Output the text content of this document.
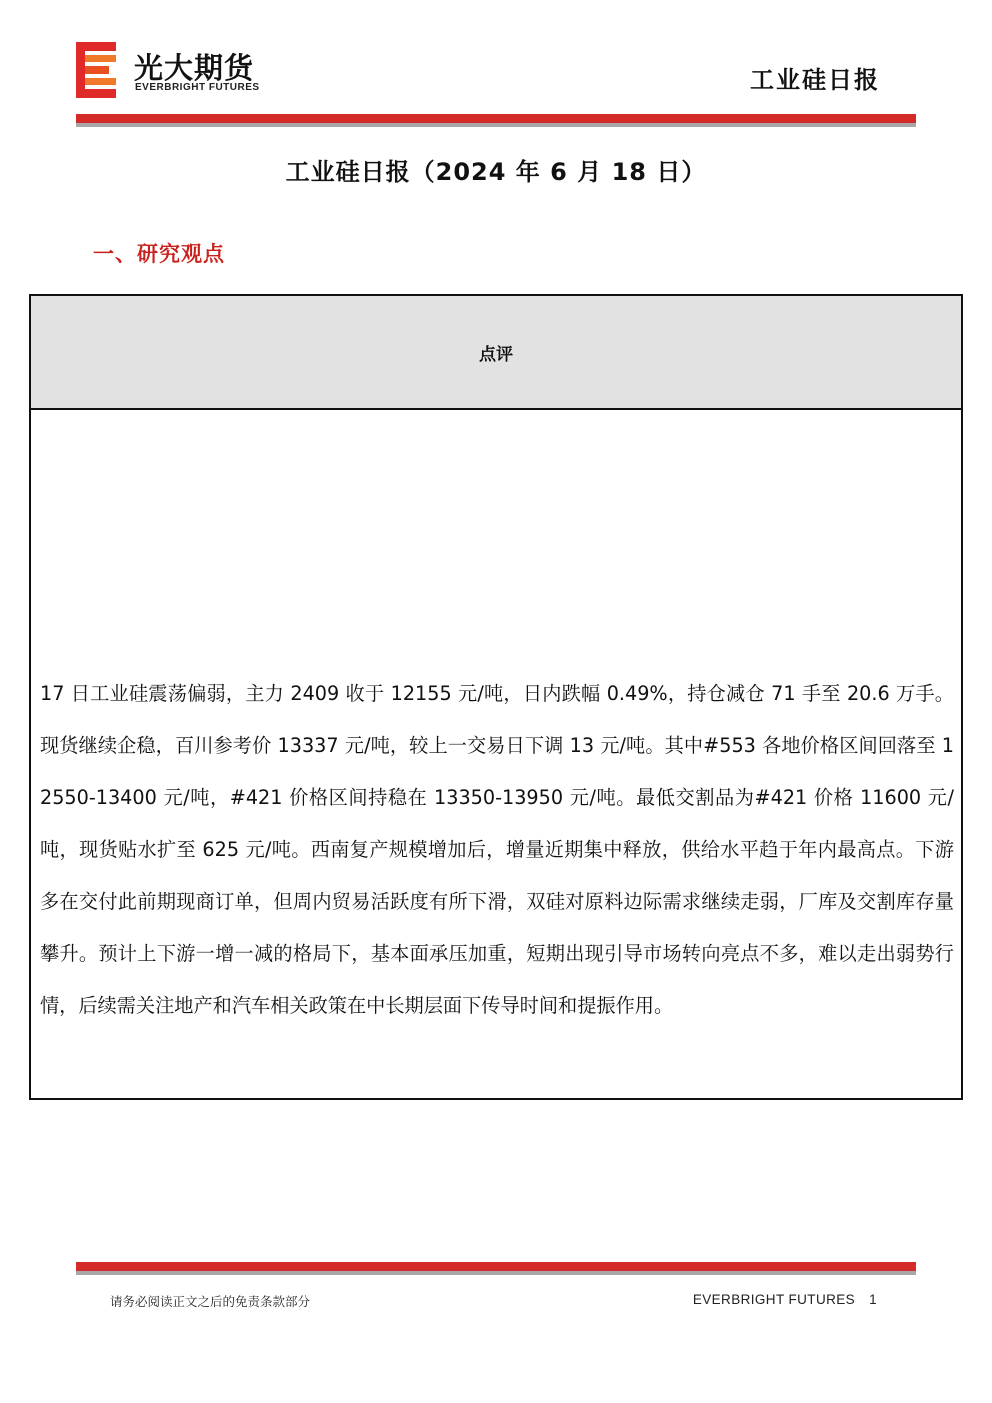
光大期货
EVERBRIGHT FUTURES	工业硅日报
工业硅日报（2024 年 6 月 18 日）
一、研究观点
点评
17 日工业硅震荡偏弱，主力 2409 收于 12155 元/吨，日内跌幅 0.49%，持仓减仓 71 手至 20.6 万手。现货继续企稳，百川参考价 13337 元/吨，较上一交易日下调 13 元/吨。其中#553 各地价格区间回落至 12550-13400 元/吨，#421 价格区间持稳在 13350-13950 元/吨。最低交割品为#421 价格 11600 元/吨，现货贴水扩至 625 元/吨。西南复产规模增加后，增量近期集中释放，供给水平趋于年内最高点。下游多在交付此前期现商订单，但周内贸易活跃度有所下滑，双硅对原料边际需求继续走弱，厂库及交割库存量攀升。预计上下游一增一减的格局下，基本面承压加重，短期出现引导市场转向亮点不多，难以走出弱势行情，后续需关注地产和汽车相关政策在中长期层面下传导时间和提振作用。
请务必阅读正文之后的免责条款部分	EVERBRIGHT FUTURES 1
